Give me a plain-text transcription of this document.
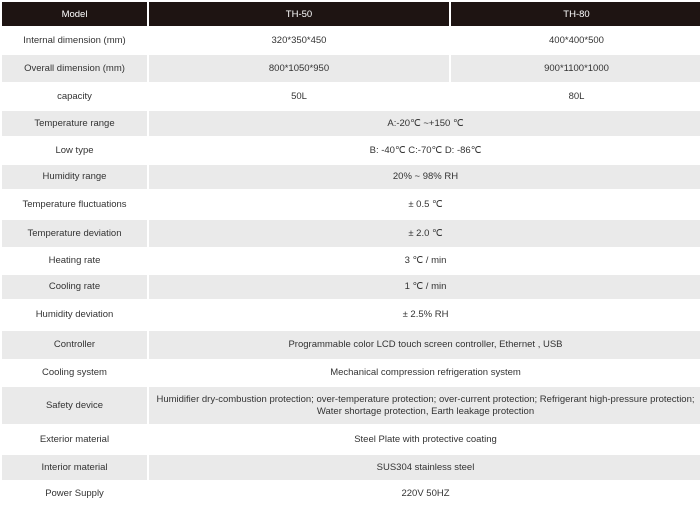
Model	TH-50	TH-80
Internal dimension (mm)	320*350*450	400*400*500
Overall dimension (mm)	800*1050*950	900*1100*1000
capacity	50L	80L
Temperature range	A:-20℃ ~+150 ℃	
Low type	B: -40℃ C:-70℃ D: -86℃	
Humidity range	20% ~ 98% RH	
Temperature fluctuations	± 0.5 ℃	
Temperature deviation	± 2.0 ℃	
Heating rate	3 ℃ / min	
Cooling rate	1 ℃ / min	
Humidity deviation	± 2.5% RH	
Controller	Programmable color LCD touch screen controller, Ethernet , USB	
Cooling system	Mechanical compression refrigeration system	
Safety device	Humidifier dry-combustion protection; over-temperature protection; over-current protection; Refrigerant high-pressure protection; Water shortage protection, Earth leakage protection	
Exterior material	Steel Plate with protective coating	
Interior material	SUS304 stainless steel	
Power Supply	220V 50HZ	
